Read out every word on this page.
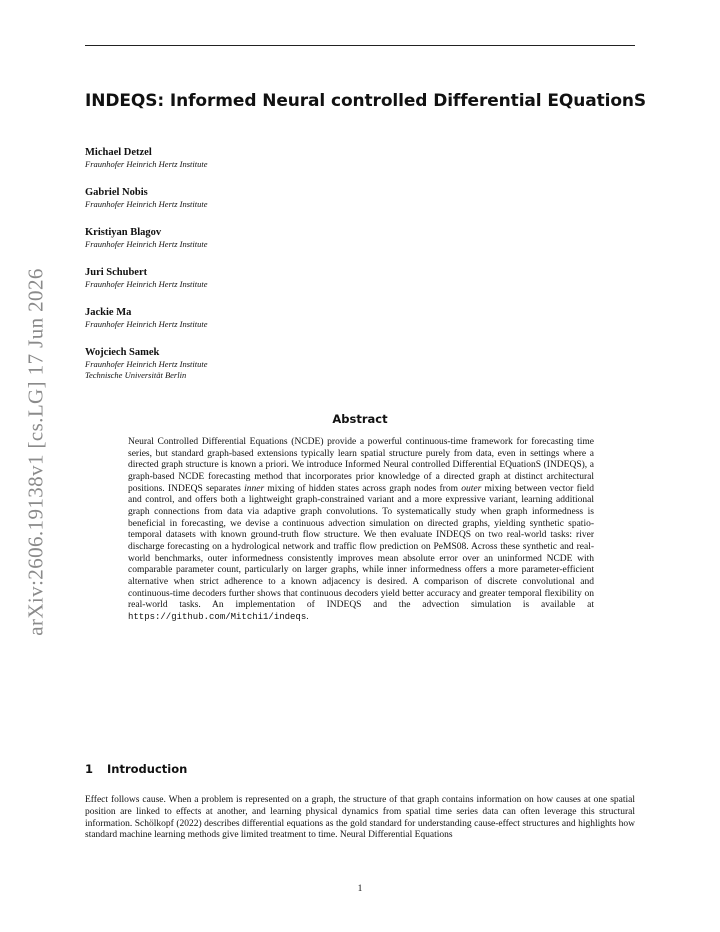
INDEQS: Informed Neural controlled Differential EQuationS
Michael Detzel
Fraunhofer Heinrich Hertz Institute
Gabriel Nobis
Fraunhofer Heinrich Hertz Institute
Kristiyan Blagov
Fraunhofer Heinrich Hertz Institute
Juri Schubert
Fraunhofer Heinrich Hertz Institute
Jackie Ma
Fraunhofer Heinrich Hertz Institute
Wojciech Samek
Fraunhofer Heinrich Hertz Institute
Technische Universität Berlin
arXiv:2606.19138v1 [cs.LG] 17 Jun 2026	Abstract

Neural Controlled Differential Equations (NCDE) provide a powerful continuous-time framework for forecasting time series, but standard graph-based extensions typically learn spatial structure purely from data, even in settings where a directed graph structure is known a priori. We introduce Informed Neural controlled Differential EQuationS (INDEQS), a graph-based NCDE forecasting method that incorporates prior knowledge of a directed graph at distinct architectural positions. INDEQS separates inner mixing of hidden states across graph nodes from outer mixing between vector field and control, and offers both a lightweight graph-constrained variant and a more expressive variant, learning additional graph connections from data via adaptive graph convolutions. To systematically study when graph informedness is beneficial in forecasting, we devise a continuous advection simulation on directed graphs, yielding synthetic spatio-temporal datasets with known ground-truth flow structure. We then evaluate INDEQS on two real-world tasks: river discharge forecasting on a hydrological network and traffic flow prediction on PeMS08. Across these synthetic and real-world benchmarks, outer informedness consistently improves mean absolute error over an uninformed NCDE with comparable parameter count, particularly on larger graphs, while inner informedness offers a more parameter-efficient alternative when strict adherence to a known adjacency is desired. A comparison of discrete convolutional and continuous-time decoders further shows that continuous decoders yield better accuracy and greater temporal flexibility on real-world tasks. An implementation of INDEQS and the advection simulation is available at https://github.com/Mitchi1/indeqs.

1 Introduction

Effect follows cause. When a problem is represented on a graph, the structure of that graph contains information on how causes at one spatial position are linked to effects at another, and learning physical dynamics from spatial time series data can often leverage this structural information. Schölkopf (2022) describes differential equations as the gold standard for understanding cause-effect structures and highlights how standard machine learning methods give limited treatment to time. Neural Differential Equations

1
